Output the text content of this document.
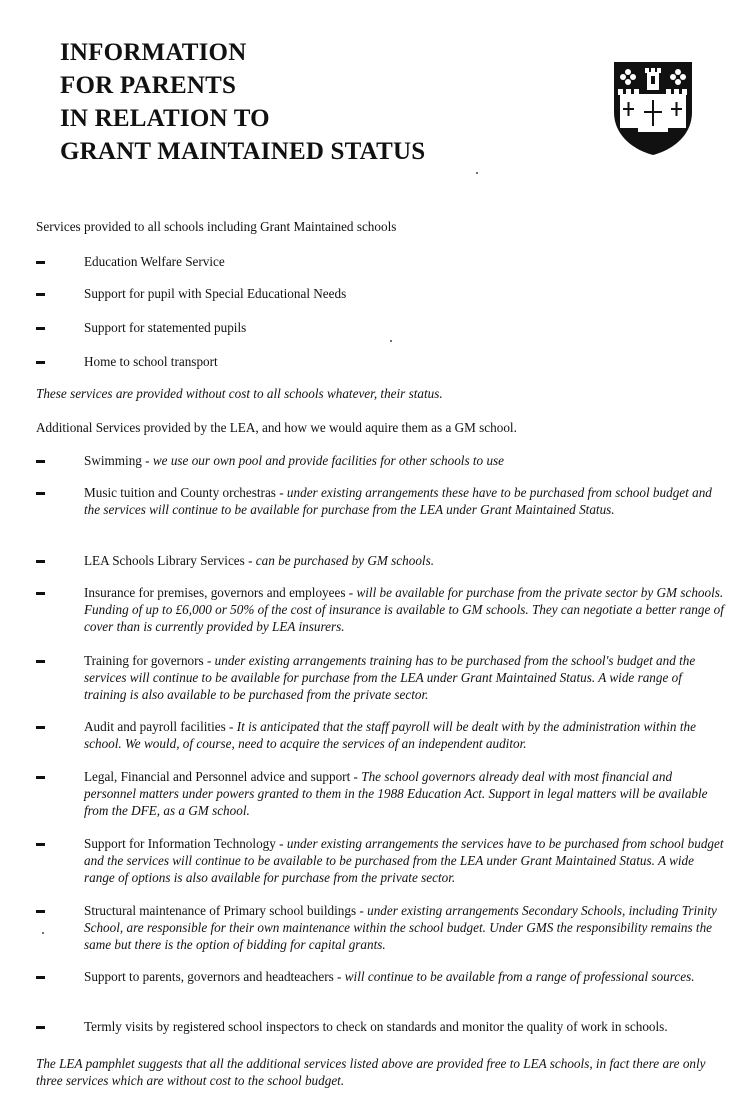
INFORMATION
FOR PARENTS
IN RELATION TO
GRANT MAINTAINED STATUS
Services provided to all schools including Grant Maintained schools
Education Welfare Service
Support for pupil with Special Educational Needs
Support for statemented pupils
Home to school transport
These services are provided without cost to all schools whatever, their status.
Additional Services provided by the LEA, and how we would aquire them as a GM school.
Swimming - we use our own pool and provide facilities for other schools to use
Music tuition and County orchestras - under existing arrangements these have to be purchased from school budget and the services will continue to be available for purchase from the LEA under Grant Maintained Status.
LEA Schools Library Services - can be purchased by GM schools.
Insurance for premises, governors and employees - will be available for purchase from the private sector by GM schools. Funding of up to £6,000 or 50% of the cost of insurance is available to GM schools. They can negotiate a better range of cover than is currently provided by LEA insurers.
Training for governors - under existing arrangements training has to be purchased from the school's budget and the services will continue to be available for purchase from the LEA under Grant Maintained Status. A wide range of training is also available to be purchased from the private sector.
Audit and payroll facilities - It is anticipated that the staff payroll will be dealt with by the administration within the school. We would, of course, need to acquire the services of an independent auditor.
Legal, Financial and Personnel advice and support - The school governors already deal with most financial and personnel matters under powers granted to them in the 1988 Education Act. Support in legal matters will be available from the DFE, as a GM school.
Support for Information Technology - under existing arrangements the services have to be purchased from school budget and the services will continue to be available to be purchased from the LEA under Grant Maintained Status. A wide range of options is also available for purchase from the private sector.
Structural maintenance of Primary school buildings - under existing arrangements Secondary Schools, including Trinity School, are responsible for their own maintenance within the school budget. Under GMS the responsibility remains the same but there is the option of bidding for capital grants.
Support to parents, governors and headteachers - will continue to be available from a range of professional sources.
Termly visits by registered school inspectors to check on standards and monitor the quality of work in schools.
The LEA pamphlet suggests that all the additional services listed above are provided free to LEA schools, in fact there are only three services which are without cost to the school budget.
